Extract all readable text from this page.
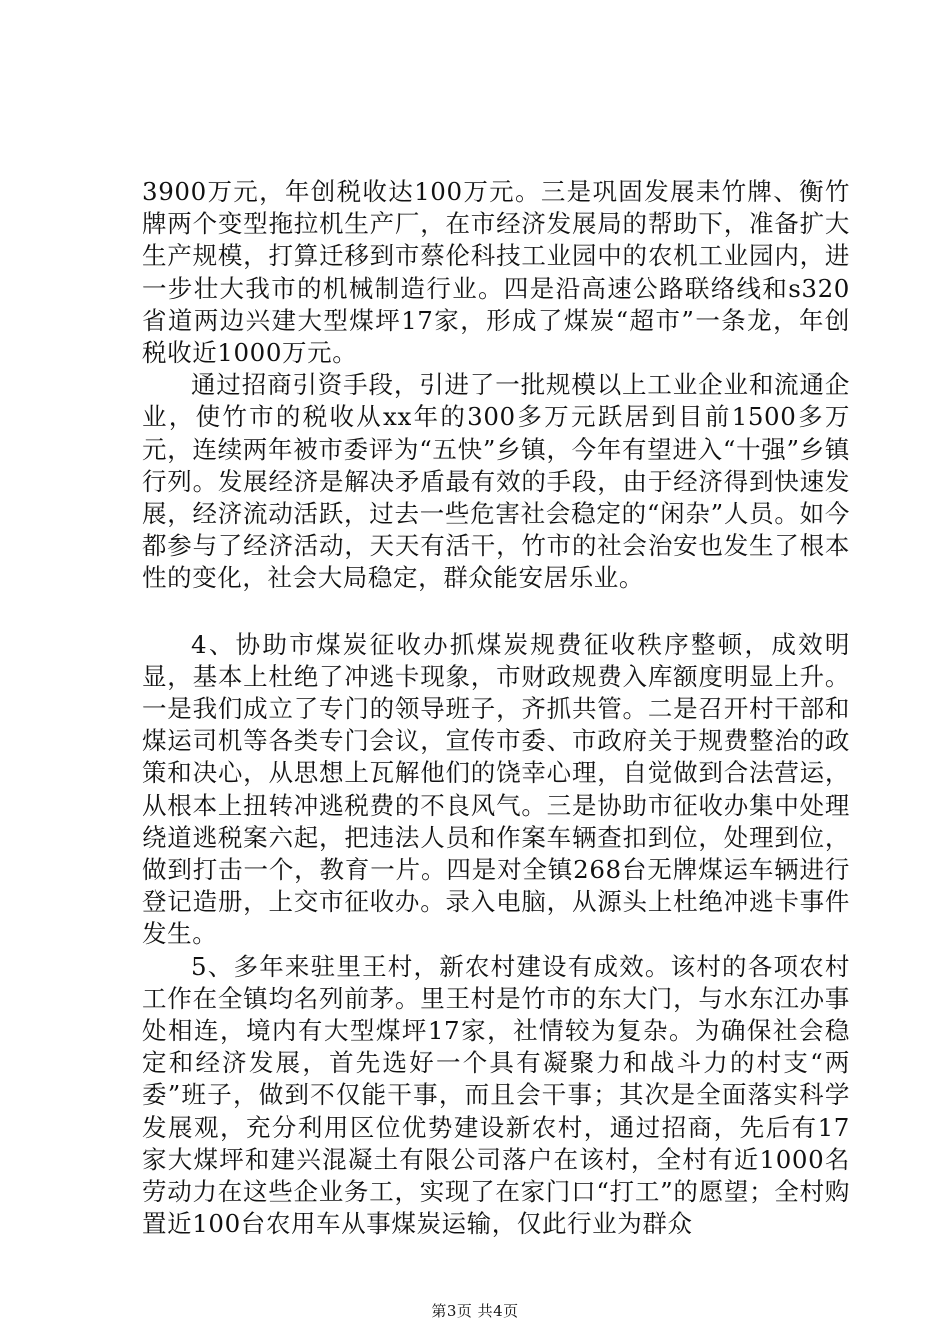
3900万元，年创税收达100万元。三是巩固发展耒竹牌、衡竹牌两个变型拖拉机生产厂，在市经济发展局的帮助下，准备扩大生产规模，打算迁移到市蔡伦科技工业园中的农机工业园内，进一步壮大我市的机械制造行业。四是沿高速公路联络线和s320省道两边兴建大型煤坪17家，形成了煤炭“超市”一条龙，年创税收近1000万元。

通过招商引资手段，引进了一批规模以上工业企业和流通企业，使竹市的税收从xx年的300多万元跃居到目前1500多万元，连续两年被市委评为“五快”乡镇，今年有望进入“十强”乡镇行列。发展经济是解决矛盾最有效的手段，由于经济得到快速发展，经济流动活跃，过去一些危害社会稳定的“闲杂”人员。如今都参与了经济活动，天天有活干，竹市的社会治安也发生了根本性的变化，社会大局稳定，群众能安居乐业。

4、协助市煤炭征收办抓煤炭规费征收秩序整顿，成效明显，基本上杜绝了冲逃卡现象，市财政规费入库额度明显上升。一是我们成立了专门的领导班子，齐抓共管。二是召开村干部和煤运司机等各类专门会议，宣传市委、市政府关于规费整治的政策和决心，从思想上瓦解他们的饶幸心理，自觉做到合法营运，从根本上扭转冲逃税费的不良风气。三是协助市征收办集中处理绕道逃税案六起，把违法人员和作案车辆查扣到位，处理到位，做到打击一个，教育一片。四是对全镇268台无牌煤运车辆进行登记造册，上交市征收办。录入电脑，从源头上杜绝冲逃卡事件发生。

5、多年来驻里王村，新农村建设有成效。该村的各项农村工作在全镇均名列前茅。里王村是竹市的东大门，与水东江办事处相连，境内有大型煤坪17家，社情较为复杂。为确保社会稳定和经济发展，首先选好一个具有凝聚力和战斗力的村支“两委”班子，做到不仅能干事，而且会干事；其次是全面落实科学发展观，充分利用区位优势建设新农村，通过招商，先后有17家大煤坪和建兴混凝土有限公司落户在该村，全村有近1000名劳动力在这些企业务工，实现了在家门口“打工”的愿望；全村购置近100台农用车从事煤炭运输，仅此行业为群众

第3页 共4页
